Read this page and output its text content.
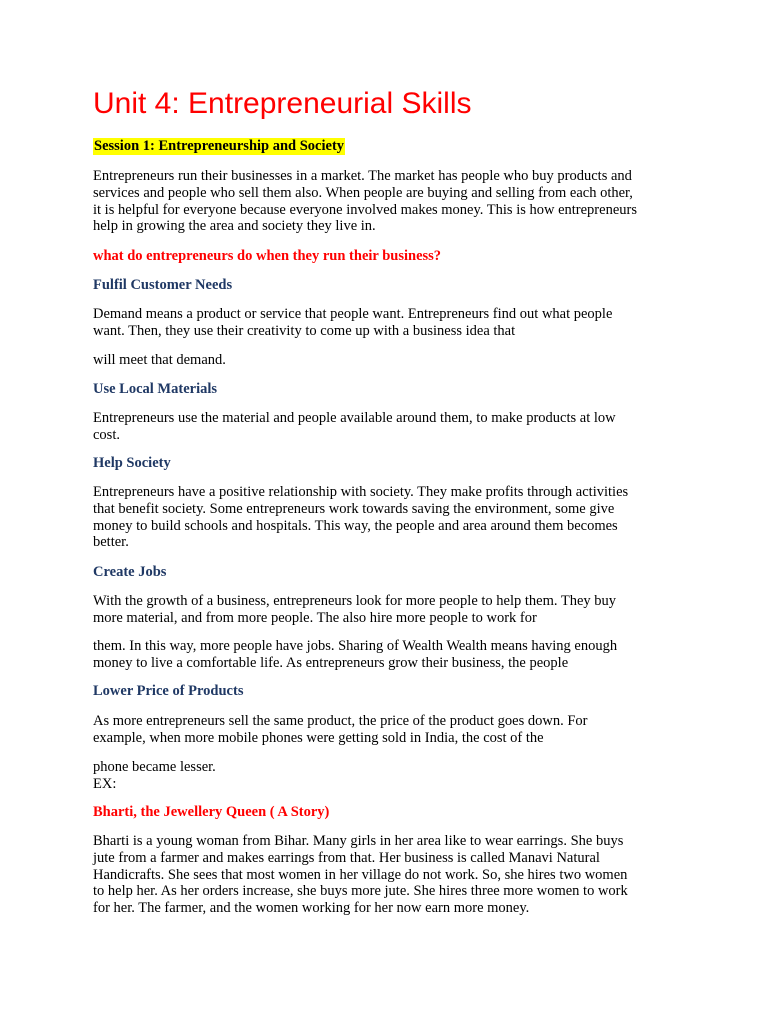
Unit 4: Entrepreneurial Skills
Session 1: Entrepreneurship and Society

Entrepreneurs run their businesses in a market. The market has people who buy products and
services and people who sell them also. When people are buying and selling from each other,
it is helpful for everyone because everyone involved makes money. This is how entrepreneurs
help in growing the area and society they live in.

what do entrepreneurs do when they run their business?
Fulfil Customer Needs

Demand means a product or service that people want. Entrepreneurs find out what people
want. Then, they use their creativity to come up with a business idea that

will meet that demand.

Use Local Materials

Entrepreneurs use the material and people available around them, to make products at low
cost.

Help Society

Entrepreneurs have a positive relationship with society. They make profits through activities
that benefit society. Some entrepreneurs work towards saving the environment, some give
money to build schools and hospitals. This way, the people and area around them becomes
better.

Create Jobs

With the growth of a business, entrepreneurs look for more people to help them. They buy
more material, and from more people. The also hire more people to work for

them. In this way, more people have jobs. Sharing of Wealth Wealth means having enough
money to live a comfortable life. As entrepreneurs grow their business, the people

Lower Price of Products

As more entrepreneurs sell the same product, the price of the product goes down. For
example, when more mobile phones were getting sold in India, the cost of the

phone became lesser.
EX:

Bharti, the Jewellery Queen ( A Story)

Bharti is a young woman from Bihar. Many girls in her area like to wear earrings. She buys
jute from a farmer and makes earrings from that. Her business is called Manavi Natural
Handicrafts. She sees that most women in her village do not work. So, she hires two women
to help her. As her orders increase, she buys more jute. She hires three more women to work
for her. The farmer, and the women working for her now earn more money.
